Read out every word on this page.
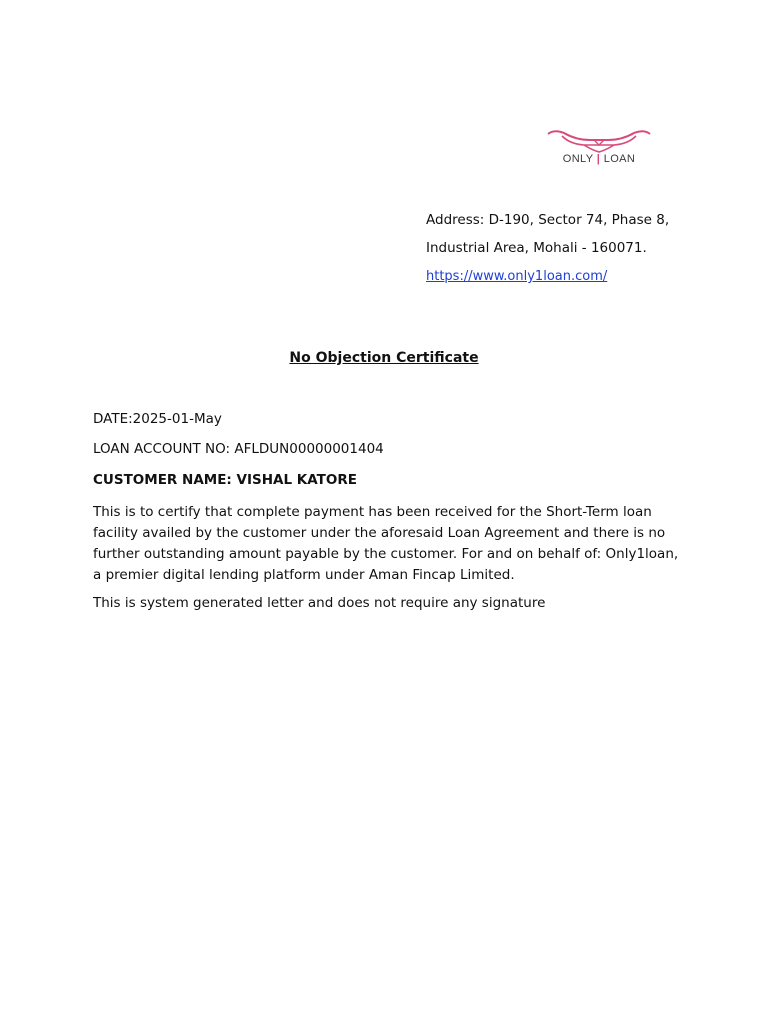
ONLY | LOAN
Address: D-190, Sector 74, Phase 8,
Industrial Area, Mohali - 160071.
https://www.only1loan.com/
No Objection Certificate
DATE:2025-01-May
LOAN ACCOUNT NO: AFLDUN00000001404
CUSTOMER NAME: VISHAL KATORE
This is to certify that complete payment has been received for the Short-Term loan facility availed by the customer under the aforesaid Loan Agreement and there is no further outstanding amount payable by the customer. For and on behalf of: Only1loan, a premier digital lending platform under Aman Fincap Limited.
This is system generated letter and does not require any signature
